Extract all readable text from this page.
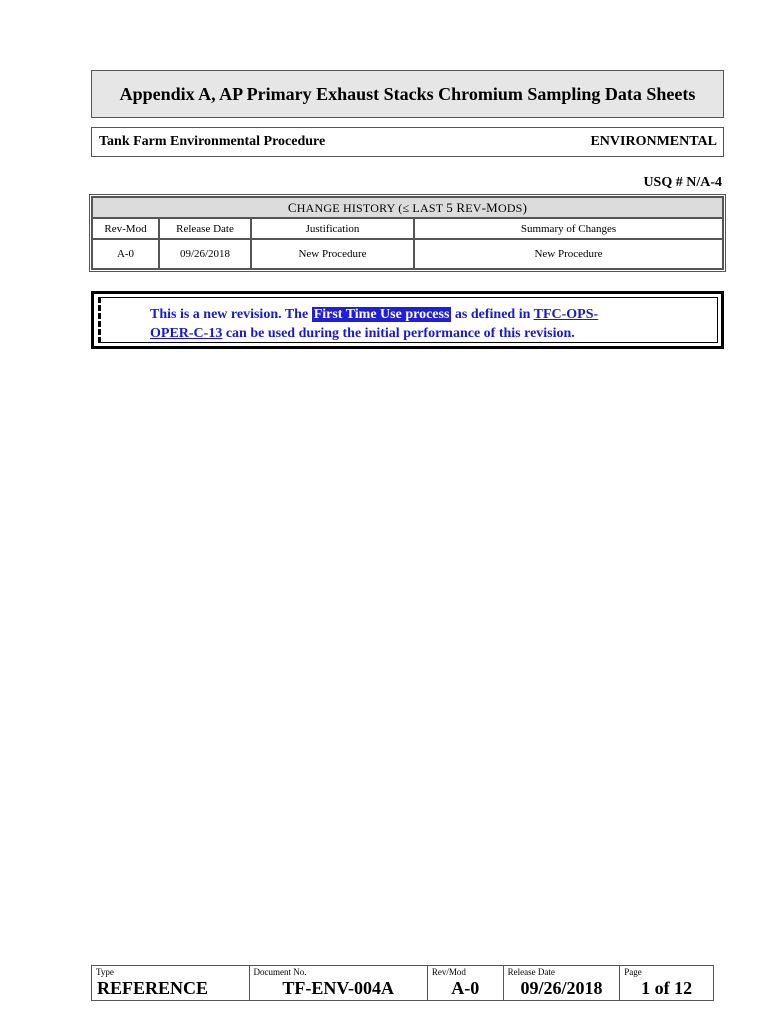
Appendix A, AP Primary Exhaust Stacks Chromium Sampling Data Sheets
Tank Farm Environmental Procedure	ENVIRONMENTAL
USQ # N/A-4
CHANGE HISTORY (≤ LAST 5 REV-MODS)			
Rev-Mod	Release Date	Justification	Summary of Changes
A-0	09/26/2018	New Procedure	New Procedure
This is a new revision. The First Time Use process as defined in TFC-OPS-
OPER-C-13 can be used during the initial performance of this revision.
Type
REFERENCE
Document No.
TF-ENV-004A
Rev/Mod
A-0
Release Date
09/26/2018
Page
1 of 12
